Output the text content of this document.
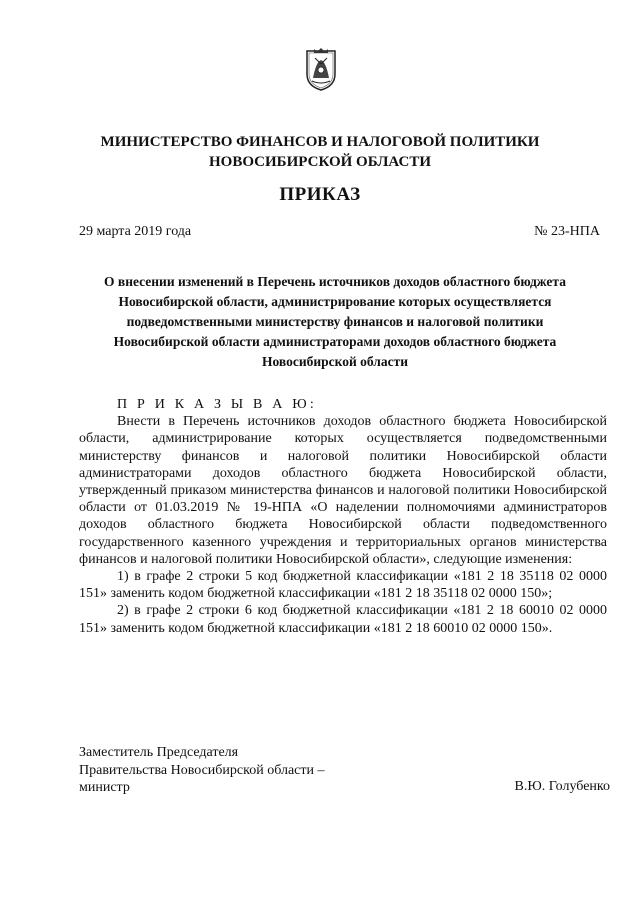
МИНИСТЕРСТВО ФИНАНСОВ И НАЛОГОВОЙ ПОЛИТИКИ
НОВОСИБИРСКОЙ ОБЛАСТИ
ПРИКАЗ
29 марта 2019 года	№ 23-НПА
О внесении изменений в Перечень источников доходов областного бюджета
Новосибирской области, администрирование которых осуществляется
подведомственными министерству финансов и налоговой политики
Новосибирской области администраторами доходов областного бюджета
Новосибирской области
П Р И К А З Ы В А Ю:

Внести в Перечень источников доходов областного бюджета Новосибирской области, администрирование которых осуществляется подведомственными министерству финансов и налоговой политики Новосибирской области администраторами доходов областного бюджета Новосибирской области, утвержденный приказом министерства финансов и налоговой политики Новосибирской области от 01.03.2019 № 19-НПА «О наделении полномочиями администраторов доходов областного бюджета Новосибирской области подведомственного государственного казенного учреждения и территориальных органов министерства финансов и налоговой политики Новосибирской области», следующие изменения:

1) в графе 2 строки 5 код бюджетной классификации «181 2 18 35118 02 0000 151» заменить кодом бюджетной классификации «181 2 18 35118 02 0000 150»;

2) в графе 2 строки 6 код бюджетной классификации «181 2 18 60010 02 0000 151» заменить кодом бюджетной классификации «181 2 18 60010 02 0000 150».

Заместитель Председателя
Правительства Новосибирской области –
министр	В.Ю. Голубенко
